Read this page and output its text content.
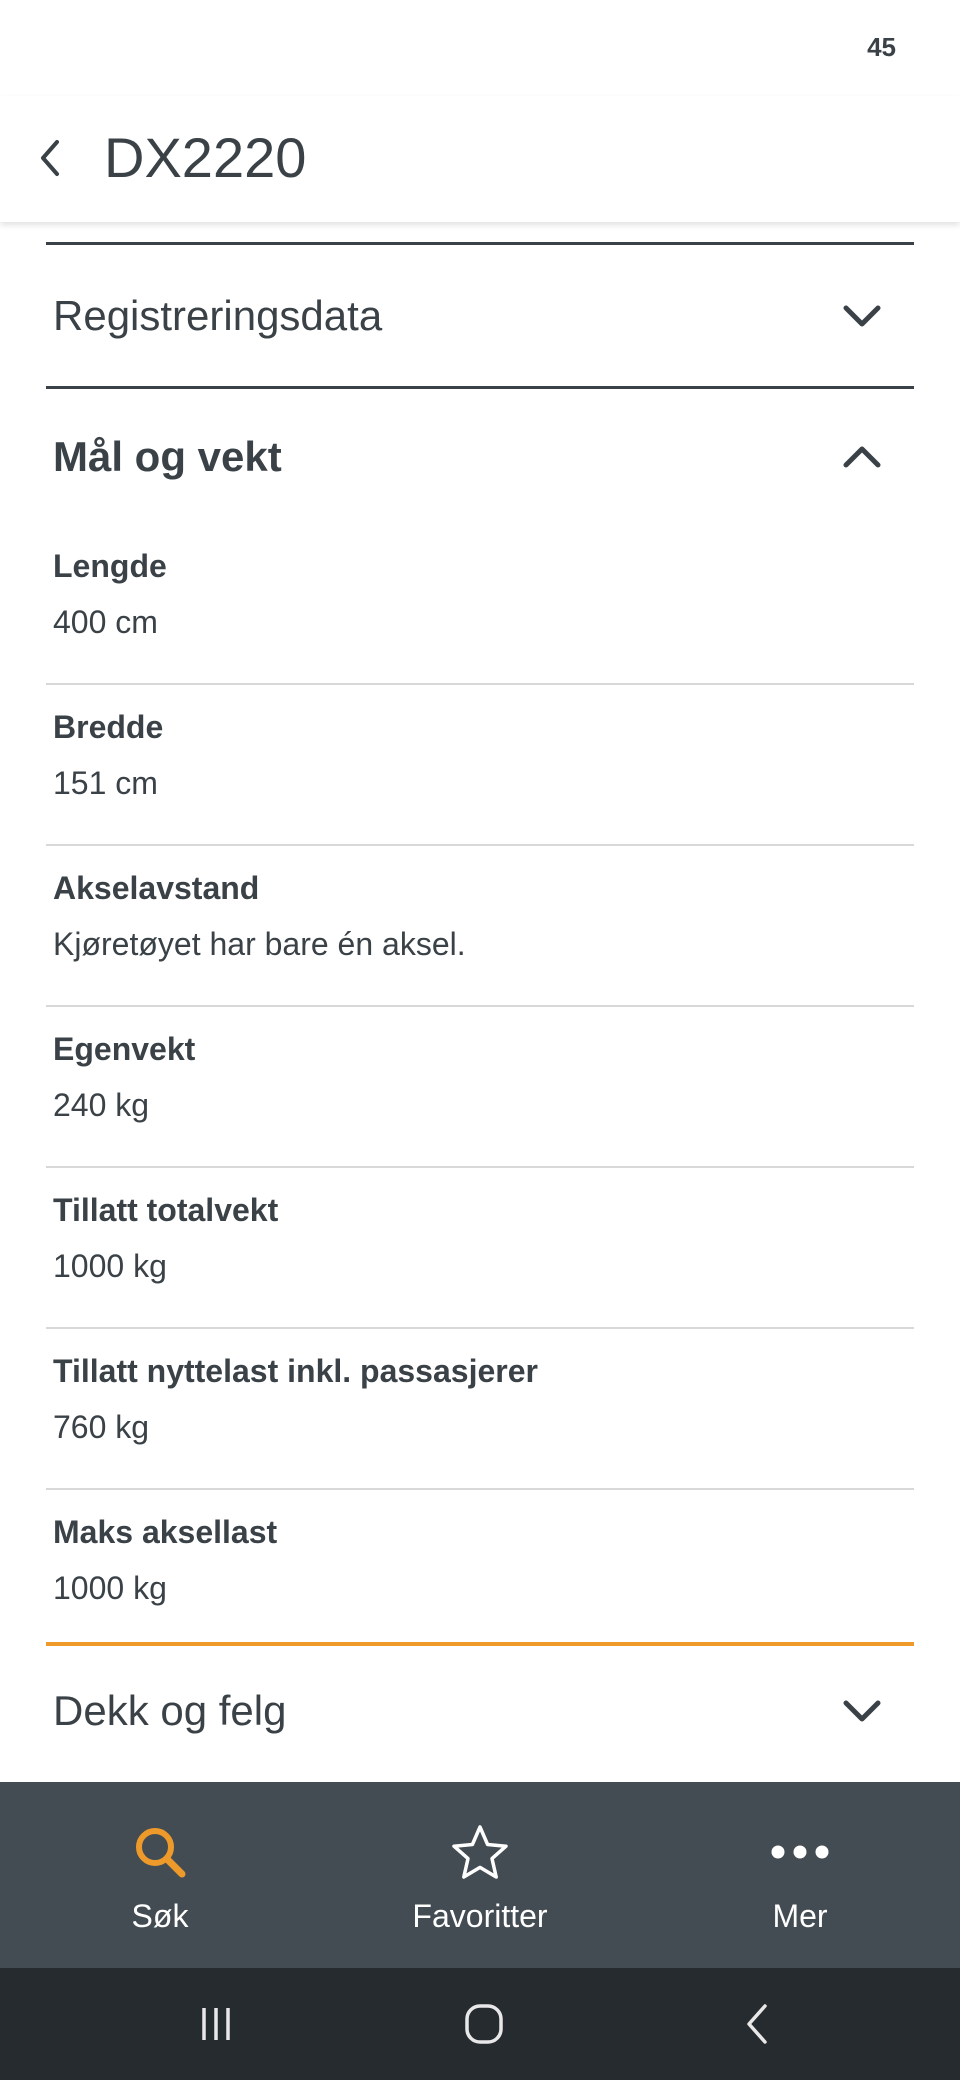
45
DX2220
Registreringsdata
Mål og vekt
Lengde
400 cm
Bredde
151 cm
Akselavstand
Kjøretøyet har bare én aksel.
Egenvekt
240 kg
Tillatt totalvekt
1000 kg
Tillatt nyttelast inkl. passasjerer
760 kg
Maks aksellast
1000 kg
Dekk og felg
Søk	Favoritter	Mer
